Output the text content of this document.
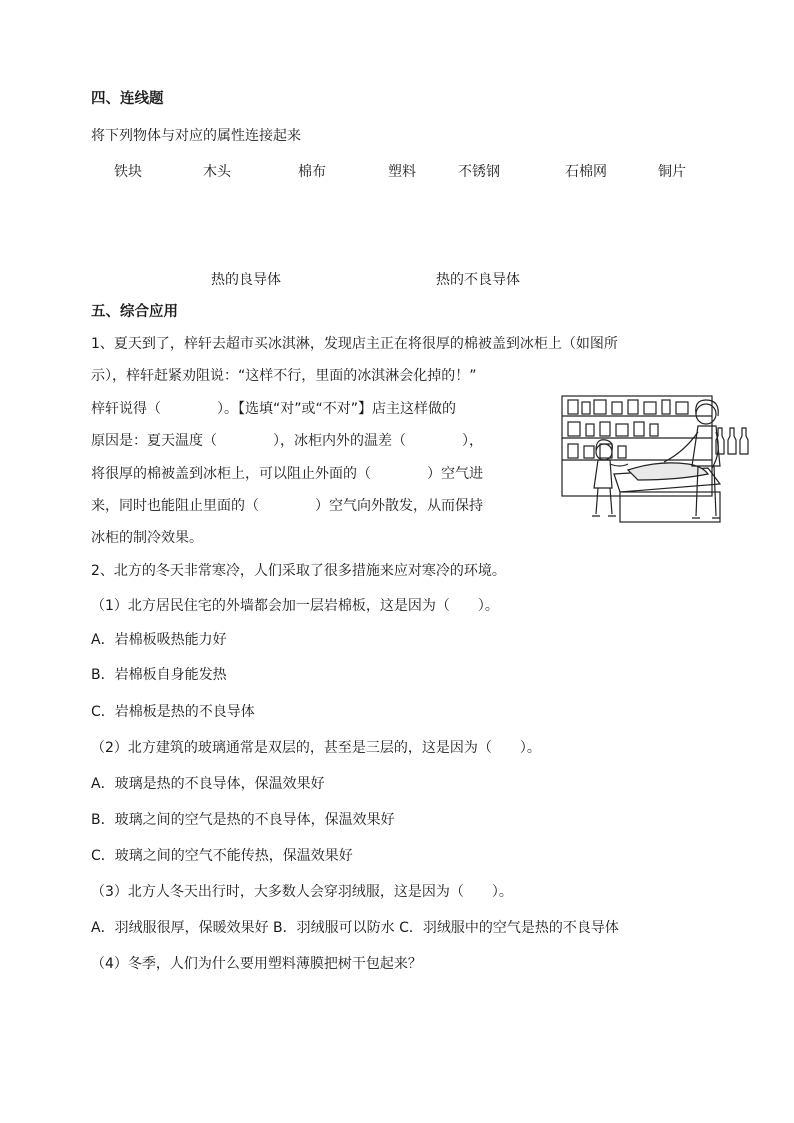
四、连线题
将下列物体与对应的属性连接起来
铁块	木头	棉布	塑料	不锈钢	石棉网	铜片
热的良导体	热的不良导体
五、综合应用
1、夏天到了，梓轩去超市买冰淇淋，发现店主正在将很厚的棉被盖到冰柜上（如图所
示），梓轩赶紧劝阻说：“这样不行，里面的冰淇淋会化掉的！”
梓轩说得（　　　　）。【选填“对”或“不对”】店主这样做的
原因是：夏天温度（　　　　），冰柜内外的温差（　　　　），
将很厚的棉被盖到冰柜上，可以阻止外面的（　　　　）空气进
来，同时也能阻止里面的（　　　　）空气向外散发，从而保持
冰柜的制冷效果。
2、北方的冬天非常寒冷，人们采取了很多措施来应对寒冷的环境。
（1）北方居民住宅的外墙都会加一层岩棉板，这是因为（　　）。
A．岩棉板吸热能力好
B．岩棉板自身能发热
C．岩棉板是热的不良导体
（2）北方建筑的玻璃通常是双层的，甚至是三层的，这是因为（　　）。
A．玻璃是热的不良导体，保温效果好
B．玻璃之间的空气是热的不良导体，保温效果好
C．玻璃之间的空气不能传热，保温效果好
（3）北方人冬天出行时，大多数人会穿羽绒服，这是因为（　　）。
A．羽绒服很厚，保暖效果好 B．羽绒服可以防水 C．羽绒服中的空气是热的不良导体
（4）冬季，人们为什么要用塑料薄膜把树干包起来？
